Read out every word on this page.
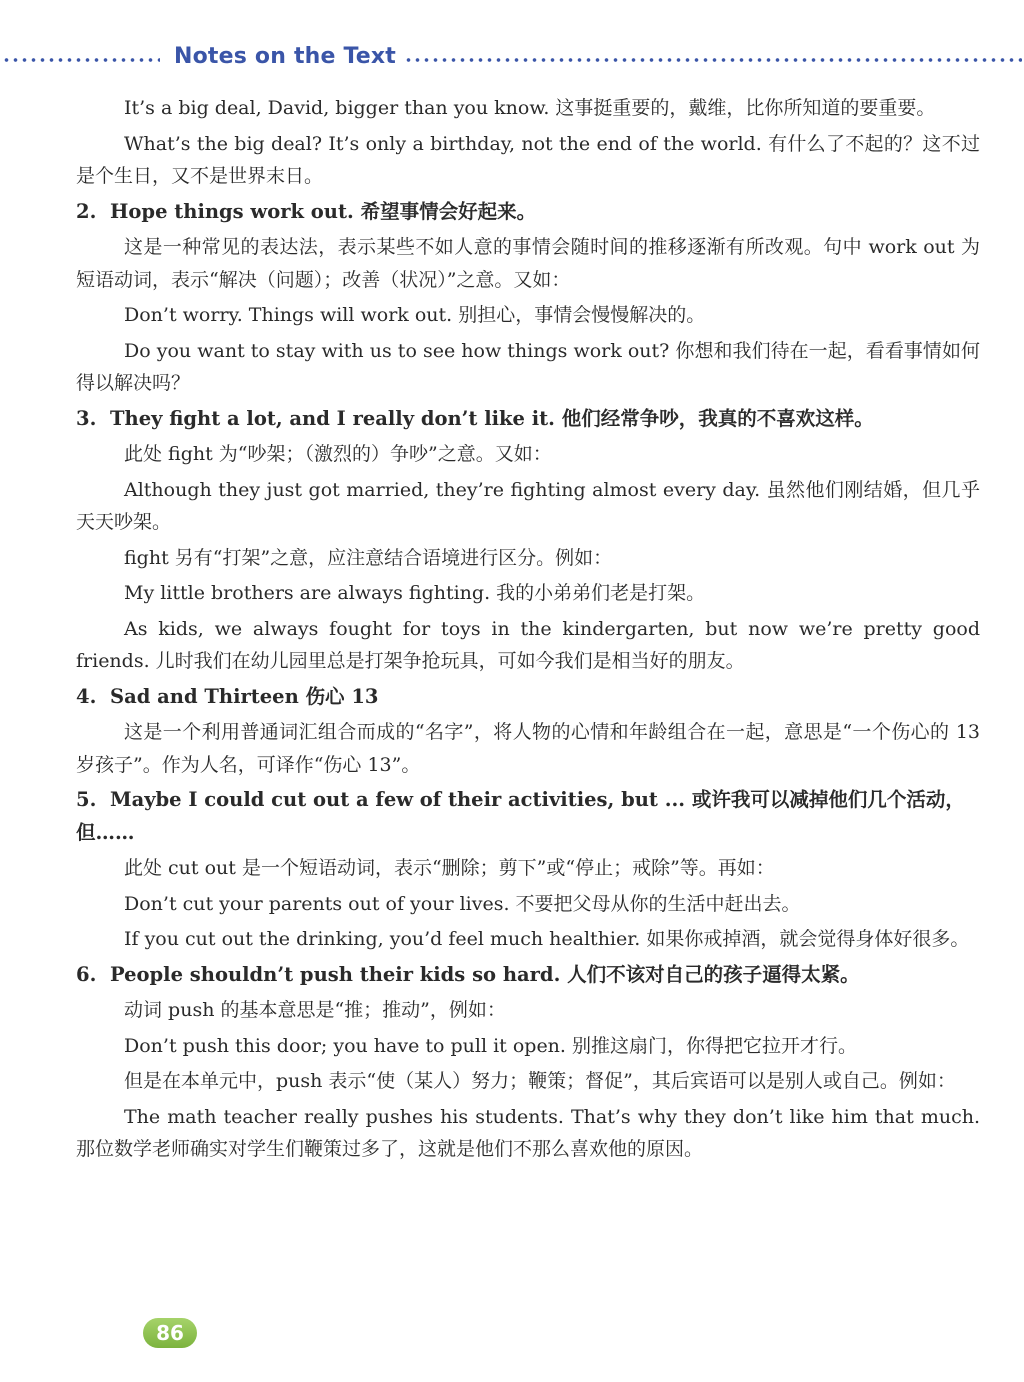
Notes on the Text

It’s a big deal, David, bigger than you know. 这事挺重要的，戴维，比你所知道的要重要。

What’s the big deal? It’s only a birthday, not the end of the world. 有什么了不起的？这不过是个生日，又不是世界末日。

2. Hope things work out. 希望事情会好起来。

这是一种常见的表达法，表示某些不如人意的事情会随时间的推移逐渐有所改观。句中 work out 为短语动词，表示“解决（问题）；改善（状况）”之意。又如：

Don’t worry. Things will work out. 别担心，事情会慢慢解决的。

Do you want to stay with us to see how things work out? 你想和我们待在一起，看看事情如何得以解决吗？

3. They fight a lot, and I really don’t like it. 他们经常争吵，我真的不喜欢这样。

此处 fight 为“吵架；（激烈的）争吵”之意。又如：

Although they just got married, they’re fighting almost every day. 虽然他们刚结婚，但几乎天天吵架。

fight 另有“打架”之意，应注意结合语境进行区分。例如：

My little brothers are always fighting. 我的小弟弟们老是打架。

As kids, we always fought for toys in the kindergarten, but now we’re pretty good friends. 儿时我们在幼儿园里总是打架争抢玩具，可如今我们是相当好的朋友。

4. Sad and Thirteen 伤心 13

这是一个利用普通词汇组合而成的“名字”，将人物的心情和年龄组合在一起，意思是“一个伤心的 13 岁孩子”。作为人名，可译作“伤心 13”。

5. Maybe I could cut out a few of their activities, but ... 或许我可以减掉他们几个活动，但……

此处 cut out 是一个短语动词，表示“删除；剪下”或“停止；戒除”等。再如：

Don’t cut your parents out of your lives. 不要把父母从你的生活中赶出去。

If you cut out the drinking, you’d feel much healthier. 如果你戒掉酒，就会觉得身体好很多。

6. People shouldn’t push their kids so hard. 人们不该对自己的孩子逼得太紧。

动词 push 的基本意思是“推；推动”，例如：

Don’t push this door; you have to pull it open. 别推这扇门，你得把它拉开才行。

但是在本单元中，push 表示“使（某人）努力；鞭策；督促”，其后宾语可以是别人或自己。例如：

The math teacher really pushes his students. That’s why they don’t like him that much. 那位数学老师确实对学生们鞭策过多了，这就是他们不那么喜欢他的原因。

86
